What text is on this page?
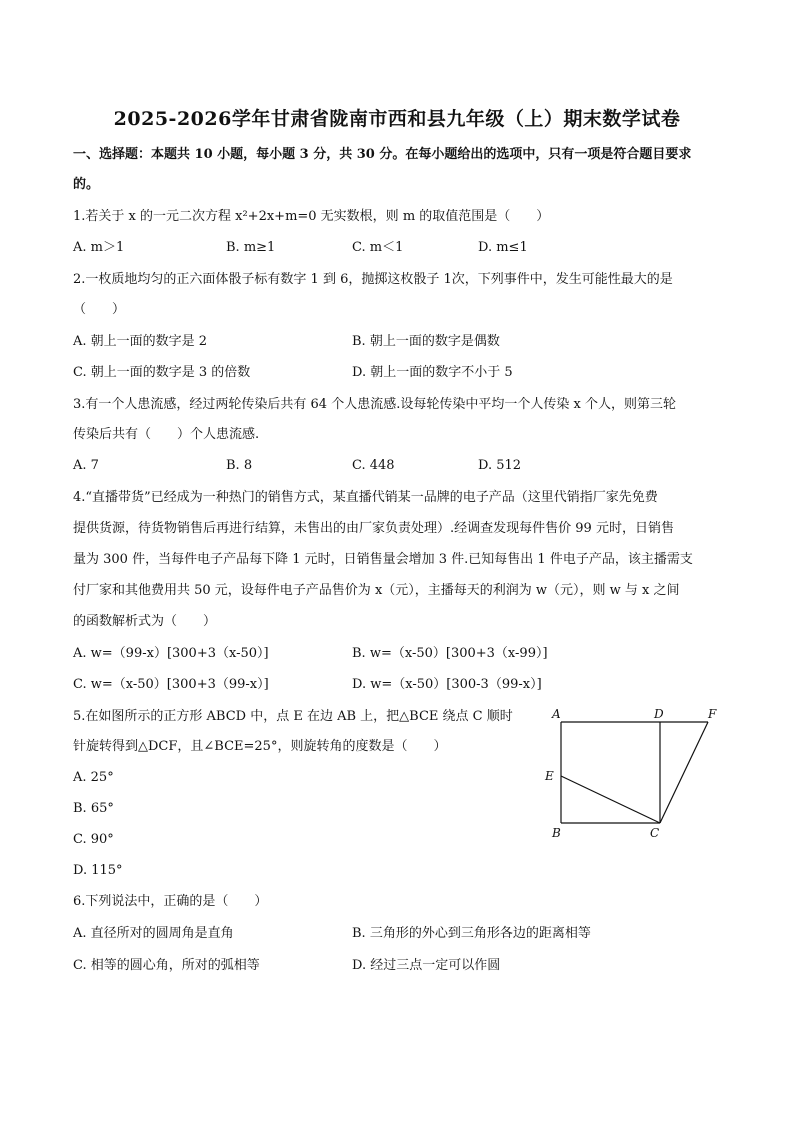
2025-2026学年甘肃省陇南市西和县九年级（上）期末数学试卷
一、选择题：本题共 10 小题，每小题 3 分，共 30 分。在每小题给出的选项中，只有一项是符合题目要求
的。
1.若关于 x 的一元二次方程 x²+2x+m=0 无实数根，则 m 的取值范围是（　　）
A. m＞1	B. m≥1	C. m＜1	D. m≤1
2.一枚质地均匀的正六面体骰子标有数字 1 到 6，抛掷这枚骰子 1次，下列事件中，发生可能性最大的是
（　　）
A. 朝上一面的数字是 2	B. 朝上一面的数字是偶数
C. 朝上一面的数字是 3 的倍数	D. 朝上一面的数字不小于 5
3.有一个人患流感，经过两轮传染后共有 64 个人患流感.设每轮传染中平均一个人传染 x 个人，则第三轮
传染后共有（　　）个人患流感.
A. 7	B. 8	C. 448	D. 512
4.“直播带货”已经成为一种热门的销售方式，某直播代销某一品牌的电子产品（这里代销指厂家先免费
提供货源，待货物销售后再进行结算，未售出的由厂家负责处理）.经调查发现每件售价 99 元时，日销售
量为 300 件，当每件电子产品每下降 1 元时，日销售量会增加 3 件.已知每售出 1 件电子产品，该主播需支
付厂家和其他费用共 50 元，设每件电子产品售价为 x（元），主播每天的利润为 w（元），则 w 与 x 之间
的函数解析式为（　　）
A. w=（99-x）[300+3（x-50）]	B. w=（x-50）[300+3（x-99）]
C. w=（x-50）[300+3（99-x）]	D. w=（x-50）[300-3（99-x）]
5.在如图所示的正方形 ABCD 中，点 E 在边 AB 上，把△BCE 绕点 C 顺时
针旋转得到△DCF，且∠BCE=25°，则旋转角的度数是（　　）
A. 25°
B. 65°
C. 90°
D. 115°
A	D	F
E
B	C
6.下列说法中，正确的是（　　）
A. 直径所对的圆周角是直角	B. 三角形的外心到三角形各边的距离相等
C. 相等的圆心角，所对的弧相等	D. 经过三点一定可以作圆
